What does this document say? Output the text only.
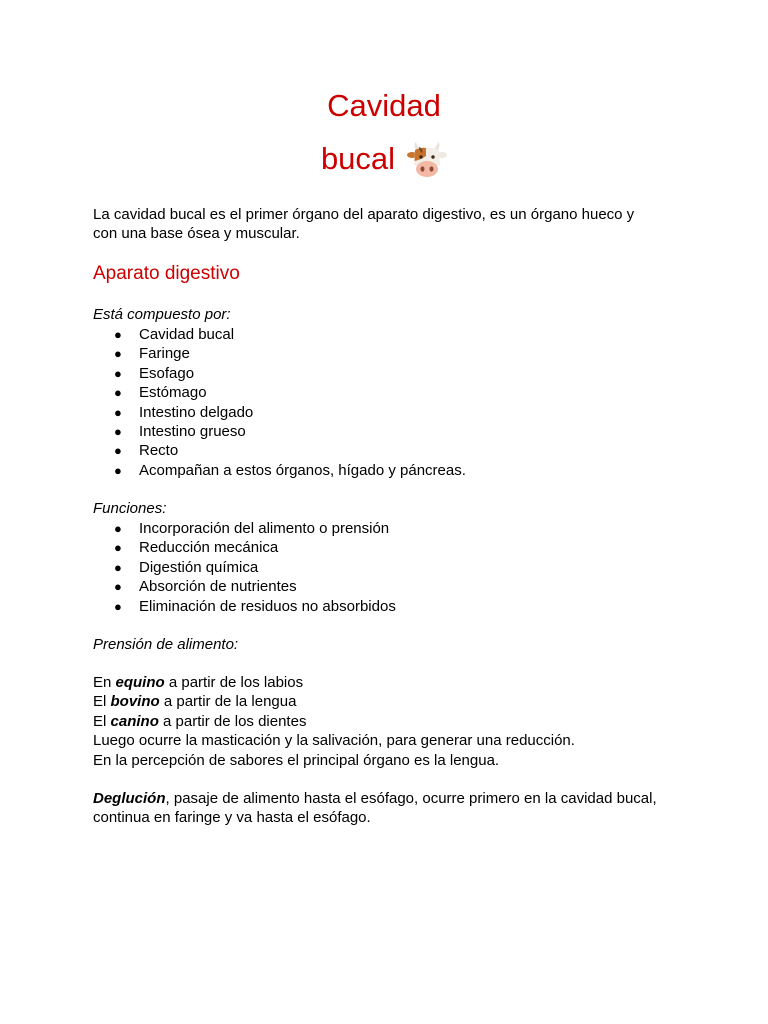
Cavidad
bucal
La cavidad bucal es el primer órgano del aparato digestivo, es un órgano hueco y
con una base ósea y muscular.
Aparato digestivo
Está compuesto por:
● Cavidad bucal
● Faringe
● Esofago
● Estómago
● Intestino delgado
● Intestino grueso
● Recto
● Acompañan a estos órganos, hígado y páncreas.
Funciones:
● Incorporación del alimento o prensión
● Reducción mecánica
● Digestión química
● Absorción de nutrientes
● Eliminación de residuos no absorbidos
Prensión de alimento:
En equino a partir de los labios
El bovino a partir de la lengua
El canino a partir de los dientes
Luego ocurre la masticación y la salivación, para generar una reducción.
En la percepción de sabores el principal órgano es la lengua.
Deglución, pasaje de alimento hasta el esófago, ocurre primero en la cavidad bucal,
continua en faringe y va hasta el esófago.
